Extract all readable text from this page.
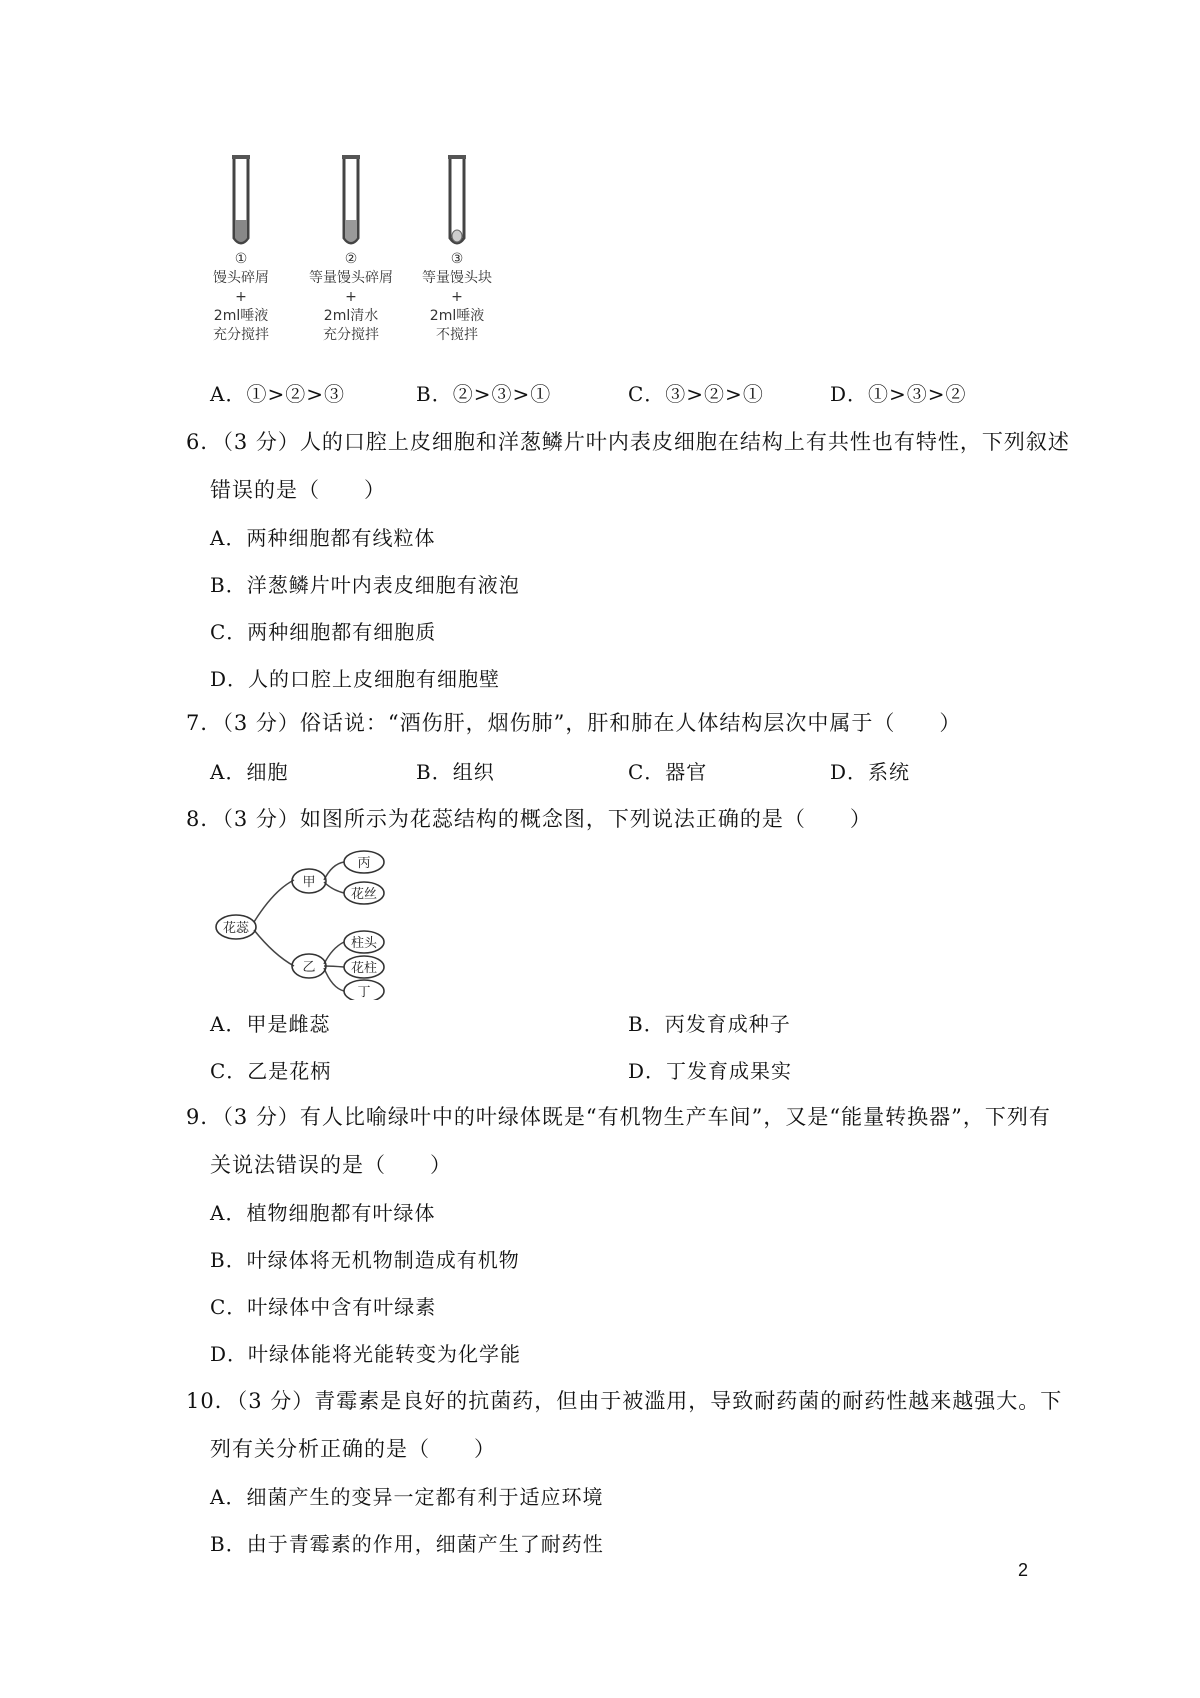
①
馒头碎屑
+
2ml唾液
充分搅拌
②
等量馒头碎屑
+
2ml清水
充分搅拌
③
等量馒头块
+
2ml唾液
不搅拌
A．①>②>③	B．②>③>①	C．③>②>①	D．①>③>②
6．（3 分）人的口腔上皮细胞和洋葱鳞片叶内表皮细胞在结构上有共性也有特性，下列叙述
错误的是（　　）
A．两种细胞都有线粒体
B．洋葱鳞片叶内表皮细胞有液泡
C．两种细胞都有细胞质
D．人的口腔上皮细胞有细胞壁
7．（3 分）俗话说：“酒伤肝，烟伤肺”，肝和肺在人体结构层次中属于（　　）
A．细胞	B．组织	C．器官	D．系统
8．（3 分）如图所示为花蕊结构的概念图，下列说法正确的是（　　）
花蕊
甲
乙
丙
花丝
柱头
花柱
丁
A．甲是雌蕊	B．丙发育成种子
C．乙是花柄	D．丁发育成果实
9．（3 分）有人比喻绿叶中的叶绿体既是“有机物生产车间”，又是“能量转换器”，下列有
关说法错误的是（　　）
A．植物细胞都有叶绿体
B．叶绿体将无机物制造成有机物
C．叶绿体中含有叶绿素
D．叶绿体能将光能转变为化学能
10．（3 分）青霉素是良好的抗菌药，但由于被滥用，导致耐药菌的耐药性越来越强大。下
列有关分析正确的是（　　）
A．细菌产生的变异一定都有利于适应环境
B．由于青霉素的作用，细菌产生了耐药性
2
